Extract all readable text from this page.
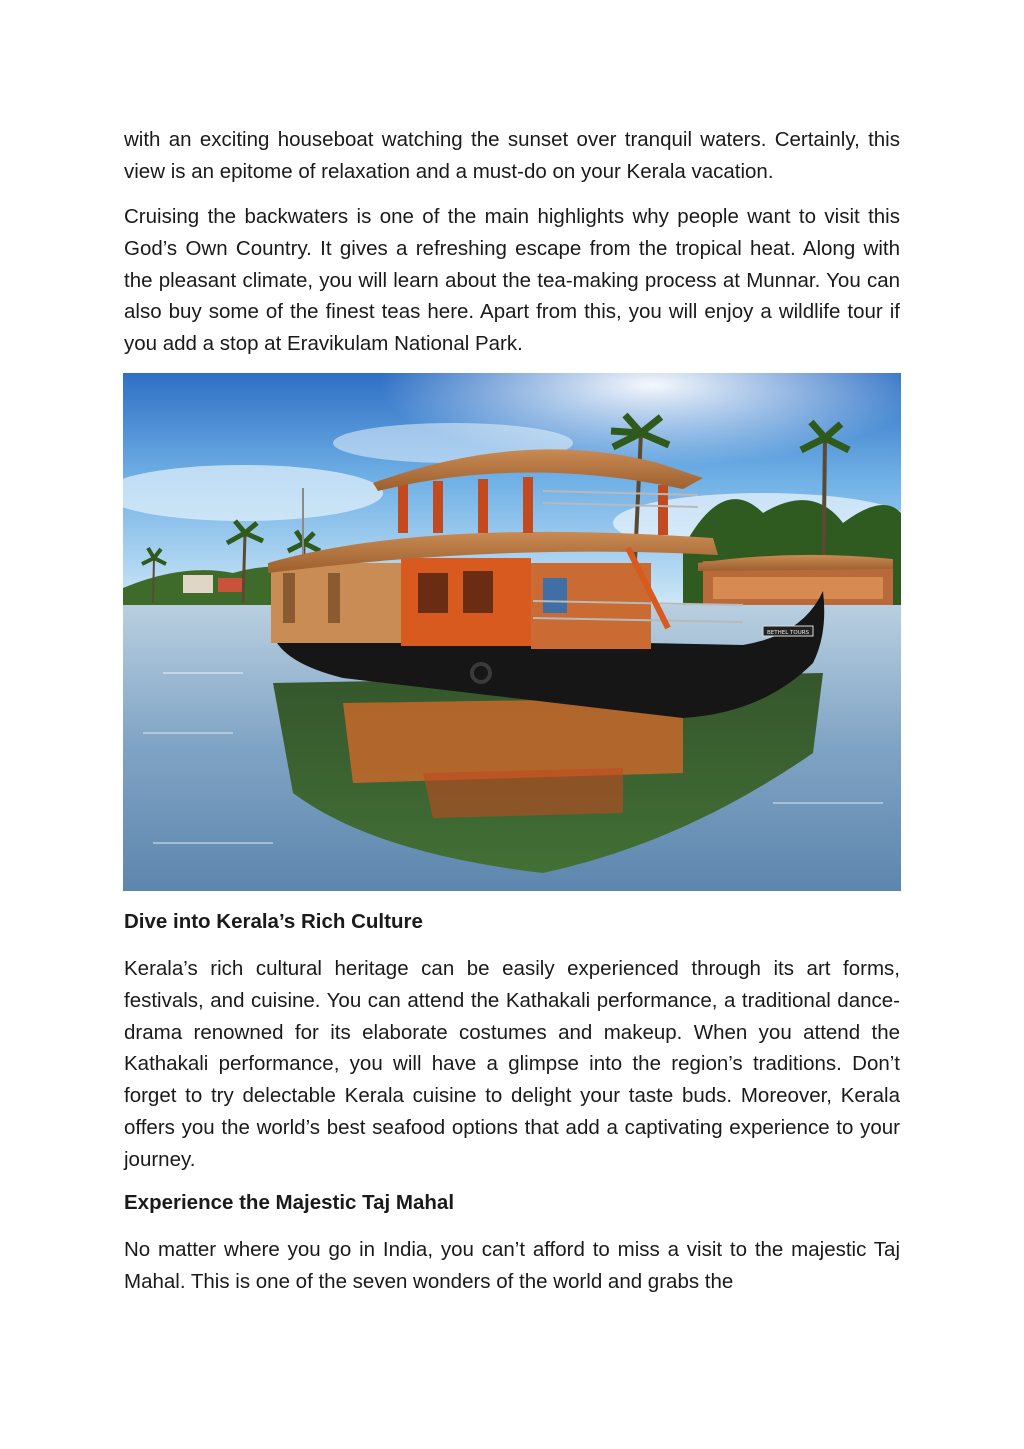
with an exciting houseboat watching the sunset over tranquil waters. Certainly, this view is an epitome of relaxation and a must-do on your Kerala vacation.

Cruising the backwaters is one of the main highlights why people want to visit this God’s Own Country. It gives a refreshing escape from the tropical heat. Along with the pleasant climate, you will learn about the tea-making process at Munnar. You can also buy some of the finest teas here. Apart from this, you will enjoy a wildlife tour if you add a stop at Eravikulam National Park.

BETHEL TOURS

Dive into Kerala’s Rich Culture

Kerala’s rich cultural heritage can be easily experienced through its art forms, festivals, and cuisine. You can attend the Kathakali performance, a traditional dance-drama renowned for its elaborate costumes and makeup. When you attend the Kathakali performance, you will have a glimpse into the region’s traditions. Don’t forget to try delectable Kerala cuisine to delight your taste buds. Moreover, Kerala offers you the world’s best seafood options that add a captivating experience to your journey.

Experience the Majestic Taj Mahal

No matter where you go in India, you can’t afford to miss a visit to the majestic Taj Mahal. This is one of the seven wonders of the world and grabs the
